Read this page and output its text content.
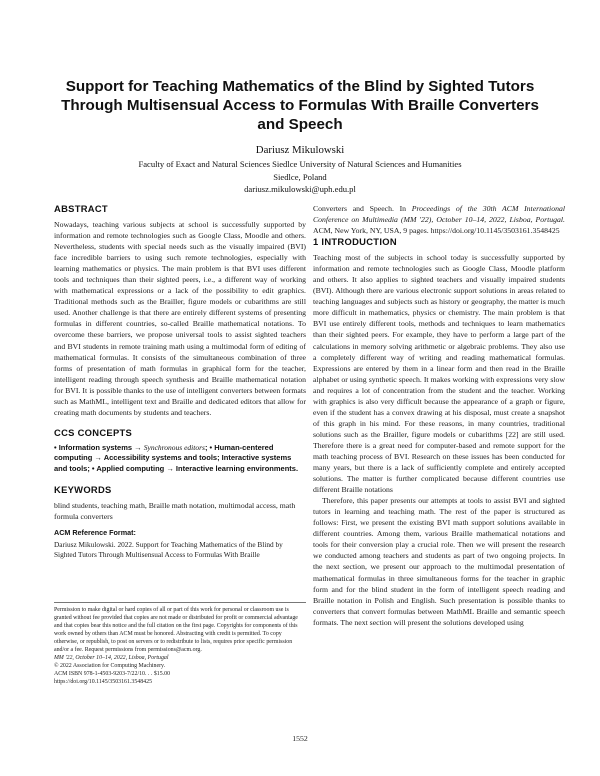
Support for Teaching Mathematics of the Blind by Sighted Tutors Through Multisensual Access to Formulas With Braille Converters and Speech
Dariusz Mikulowski
Faculty of Exact and Natural Sciences Siedlce University of Natural Sciences and Humanities
Siedlce, Poland
dariusz.mikulowski@uph.edu.pl
ABSTRACT

Nowadays, teaching various subjects at school is successfully supported by information and remote technologies such as Google Class, Moodle and others. Nevertheless, students with special needs such as the visually impaired (BVI) face incredible barriers to using such remote technologies, especially with learning mathematics or physics. The main problem is that BVI uses different tools and techniques than their sighted peers, i.e., a different way of working with mathematical expressions or a lack of the possibility to edit graphics. Traditional methods such as the Brailler, figure models or cubarithms are still used. Another challenge is that there are entirely different systems of presenting formulas in different countries, so-called Braille mathematical notations. To overcome these barriers, we propose universal tools to assist sighted teachers and BVI students in remote training math using a multimodal form of editing of mathematical formulas. It consists of the simultaneous combination of three forms of presentation of math formulas in graphical form for the teacher, intelligent reading through speech synthesis and Braille mathematical notation for BVI. It is possible thanks to the use of intelligent converters between formats such as MathML, intelligent text and Braille and dedicated editors that allow for creating math documents by students and teachers.

CCS CONCEPTS

• Information systems → Synchronous editors; • Human-centered computing → Accessibility systems and tools; Interactive systems and tools; • Applied computing → Interactive learning environments.

KEYWORDS

blind students, teaching math, Braille math notation, multimodal access, math formula converters

ACM Reference Format:

Dariusz Mikulowski. 2022. Support for Teaching Mathematics of the Blind by Sighted Tutors Through Multisensual Access to Formulas With Braille

Permission to make digital or hard copies of all or part of this work for personal or classroom use is granted without fee provided that copies are not made or distributed for profit or commercial advantage and that copies bear this notice and the full citation on the first page. Copyrights for components of this work owned by others than ACM must be honored. Abstracting with credit is permitted. To copy otherwise, or republish, to post on servers or to redistribute to lists, requires prior specific permission and/or a fee. Request permissions from permissions@acm.org.

MM '22, October 10–14, 2022, Lisboa, Portugal

© 2022 Association for Computing Machinery.

ACM ISBN 978-1-4503-9203-7/22/10. . . $15.00

https://doi.org/10.1145/3503161.3548425

Converters and Speech. In Proceedings of the 30th ACM International Conference on Multimedia (MM '22), October 10–14, 2022, Lisboa, Portugal. ACM, New York, NY, USA, 9 pages. https://doi.org/10.1145/3503161.3548425

1 INTRODUCTION

Teaching most of the subjects in school today is successfully supported by information and remote technologies such as Google Class, Moodle platform and others. It also applies to sighted teachers and visually impaired students (BVI). Although there are various electronic support solutions in areas related to teaching languages and subjects such as history or geography, the matter is much more difficult in mathematics, physics or chemistry. The main problem is that BVI use entirely different tools, methods and techniques to learn mathematics than their sighted peers. For example, they have to perform a large part of the calculations in memory solving arithmetic or algebraic problems. They also use a completely different way of writing and reading mathematical formulas. Expressions are entered by them in a linear form and then read in the Braille alphabet or using synthetic speech. It makes working with expressions very slow and requires a lot of concentration from the student and the teacher. Working with graphics is also very difficult because the appearance of a graph or figure, even if the student has a convex drawing at his disposal, must create a snapshot of this graph in his mind. For these reasons, in many countries, traditional solutions such as the Brailler, figure models or cubarithms [22] are still used. Therefore there is a great need for computer-based and remote support for the math teaching process of BVI. Research on these issues has been conducted for many years, but there is a lack of sufficiently complete and entirely accepted solutions. The matter is further complicated because different countries use different Braille notations

Therefore, this paper presents our attempts at tools to assist BVI and sighted tutors in learning and teaching math. The rest of the paper is structured as follows: First, we present the existing BVI math support solutions available in different countries. Among them, various Braille mathematical notations and tools for their conversion play a crucial role. Then we will present the research we conducted among teachers and students as part of two ongoing projects. In the next section, we present our approach to the multimodal presentation of mathematical formulas in three simultaneous forms for the teacher in graphic form and for the blind student in the form of intelligent speech reading and Braille notation in Polish and English. Such presentation is possible thanks to converters that convert formulas between MathML Braille and semantic speech formats. The next section will present the solutions developed using

1552
